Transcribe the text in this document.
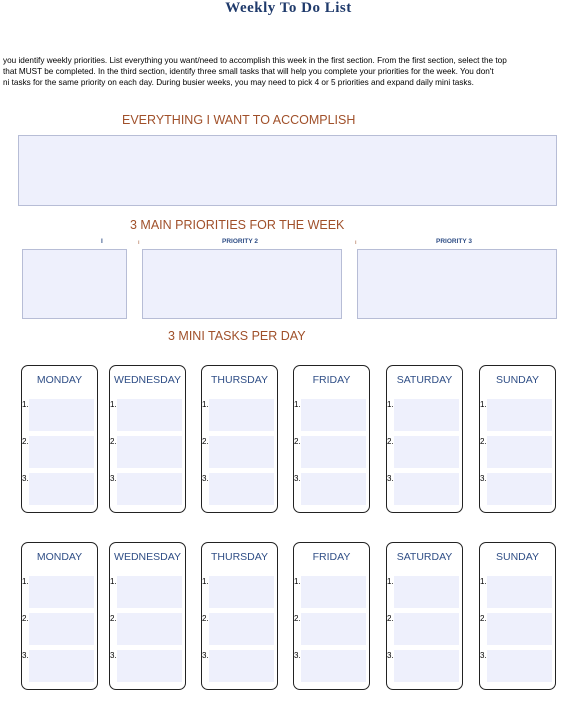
Weekly To Do List
you identify weekly priorities. List everything you want/need to accomplish this week in the first section. From the first section, select the top
that MUST be completed. In the third section, identify three small tasks that will help you complete your priorities for the week. You don't
ni tasks for the same priority on each day. During busier weeks, you may need to pick 4 or 5 priorities and expand daily mini tasks.
EVERYTHING I WANT TO ACCOMPLISH
3 MAIN PRIORITIES FOR THE WEEK
l	PRIORITY 2	PRIORITY 3
ı	ı
3 MINI TASKS PER DAY
MONDAY
1.
2.
3.
WEDNESDAY
1.
2.
3.
THURSDAY
1.
2.
3.
FRIDAY
1.
2.
3.
SATURDAY
1.
2.
3.
SUNDAY
1.
2.
3.
MONDAY
1.
2.
3.
WEDNESDAY
1.
2.
3.
THURSDAY
1.
2.
3.
FRIDAY
1.
2.
3.
SATURDAY
1.
2.
3.
SUNDAY
1.
2.
3.
